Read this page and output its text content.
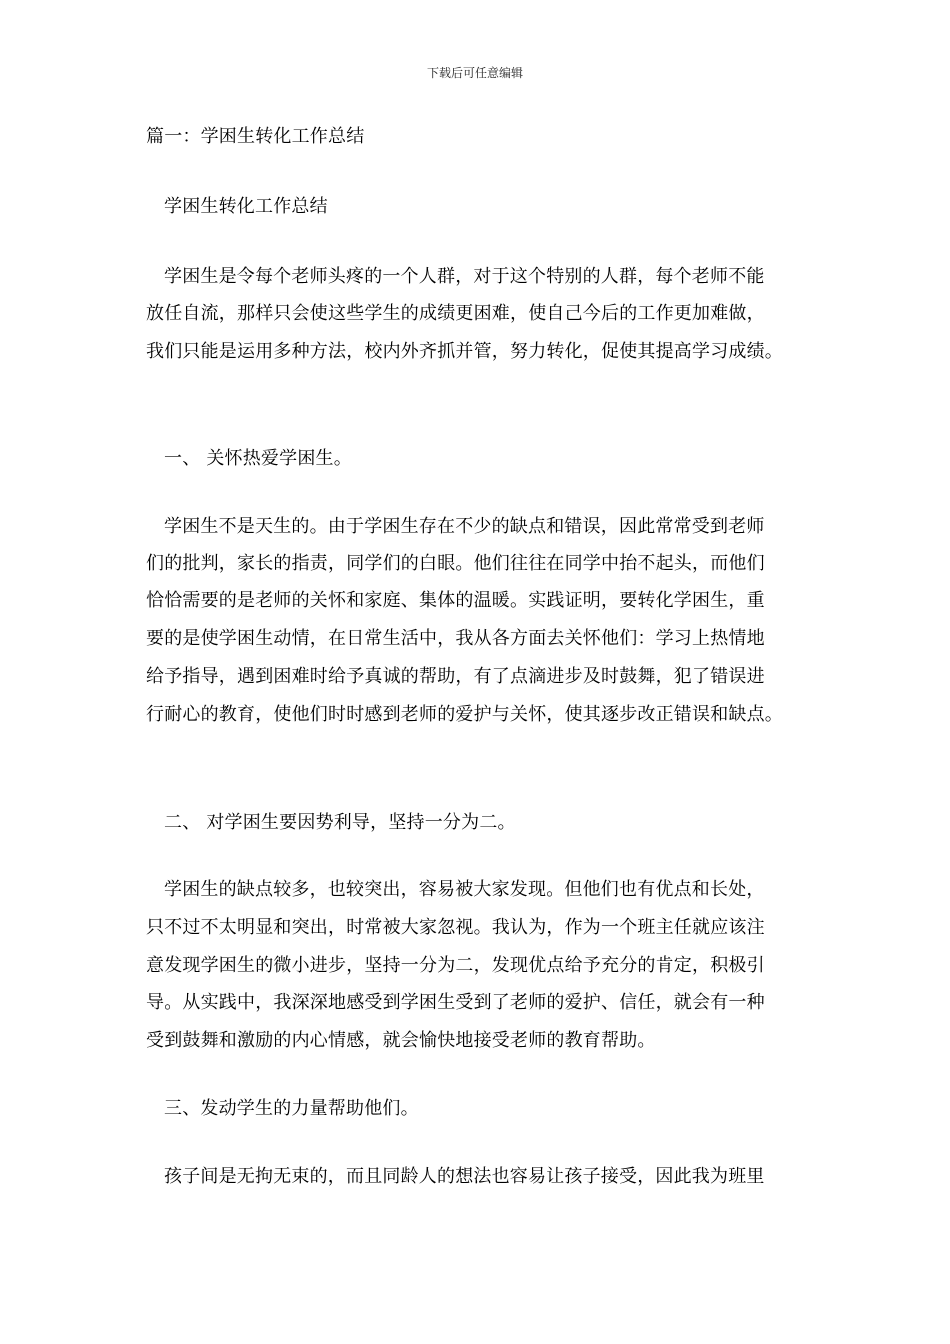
下载后可任意编辑
篇一：学困生转化工作总结
学困生转化工作总结
学困生是令每个老师头疼的一个人群，对于这个特别的人群，每个老师不能
放任自流，那样只会使这些学生的成绩更困难，使自己今后的工作更加难做，
我们只能是运用多种方法，校内外齐抓并管，努力转化，促使其提高学习成绩。
一、 关怀热爱学困生。
学困生不是天生的。由于学困生存在不少的缺点和错误，因此常常受到老师
们的批判，家长的指责，同学们的白眼。他们往往在同学中抬不起头，而他们
恰恰需要的是老师的关怀和家庭、集体的温暖。实践证明，要转化学困生，重
要的是使学困生动情，在日常生活中，我从各方面去关怀他们：学习上热情地
给予指导，遇到困难时给予真诚的帮助，有了点滴进步及时鼓舞，犯了错误进
行耐心的教育，使他们时时感到老师的爱护与关怀，使其逐步改正错误和缺点。
二、 对学困生要因势利导，坚持一分为二。
学困生的缺点较多，也较突出，容易被大家发现。但他们也有优点和长处，
只不过不太明显和突出，时常被大家忽视。我认为，作为一个班主任就应该注
意发现学困生的微小进步，坚持一分为二，发现优点给予充分的肯定，积极引
导。从实践中，我深深地感受到学困生受到了老师的爱护、信任，就会有一种
受到鼓舞和激励的内心情感，就会愉快地接受老师的教育帮助。
三、发动学生的力量帮助他们。
孩子间是无拘无束的，而且同龄人的想法也容易让孩子接受，因此我为班里
